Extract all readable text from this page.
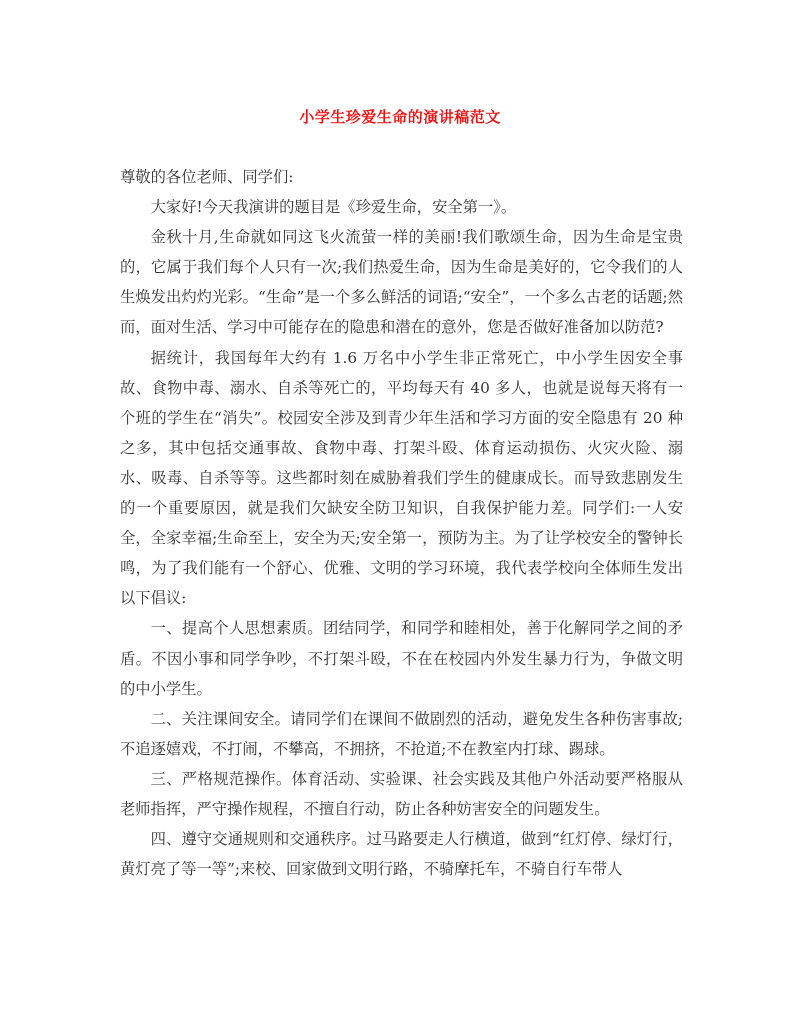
小学生珍爱生命的演讲稿范文

尊敬的各位老师、同学们:

大家好!今天我演讲的题目是《珍爱生命，安全第一》。

金秋十月,生命就如同这飞火流萤一样的美丽!我们歌颂生命，因为生命是宝贵的，它属于我们每个人只有一次;我们热爱生命，因为生命是美好的，它令我们的人生焕发出灼灼光彩。“生命”是一个多么鲜活的词语;“安全”，一个多么古老的话题;然而，面对生活、学习中可能存在的隐患和潜在的意外，您是否做好准备加以防范?

据统计，我国每年大约有 1.6 万名中小学生非正常死亡，中小学生因安全事故、食物中毒、溺水、自杀等死亡的，平均每天有 40 多人，也就是说每天将有一个班的学生在“消失”。校园安全涉及到青少年生活和学习方面的安全隐患有 20 种之多，其中包括交通事故、食物中毒、打架斗殴、体育运动损伤、火灾火险、溺水、吸毒、自杀等等。这些都时刻在威胁着我们学生的健康成长。而导致悲剧发生的一个重要原因，就是我们欠缺安全防卫知识，自我保护能力差。同学们:一人安全，全家幸福;生命至上，安全为天;安全第一，预防为主。为了让学校安全的警钟长鸣，为了我们能有一个舒心、优雅、文明的学习环境，我代表学校向全体师生发出以下倡议:

一、提高个人思想素质。团结同学，和同学和睦相处，善于化解同学之间的矛盾。不因小事和同学争吵，不打架斗殴，不在在校园内外发生暴力行为，争做文明的中小学生。

二、关注课间安全。请同学们在课间不做剧烈的活动，避免发生各种伤害事故;不追逐嬉戏，不打闹，不攀高，不拥挤，不抢道;不在教室内打球、踢球。

三、严格规范操作。体育活动、实验课、社会实践及其他户外活动要严格服从老师指挥，严守操作规程，不擅自行动，防止各种妨害安全的问题发生。

四、遵守交通规则和交通秩序。过马路要走人行横道，做到“红灯停、绿灯行，黄灯亮了等一等”;来校、回家做到文明行路，不骑摩托车，不骑自行车带人
